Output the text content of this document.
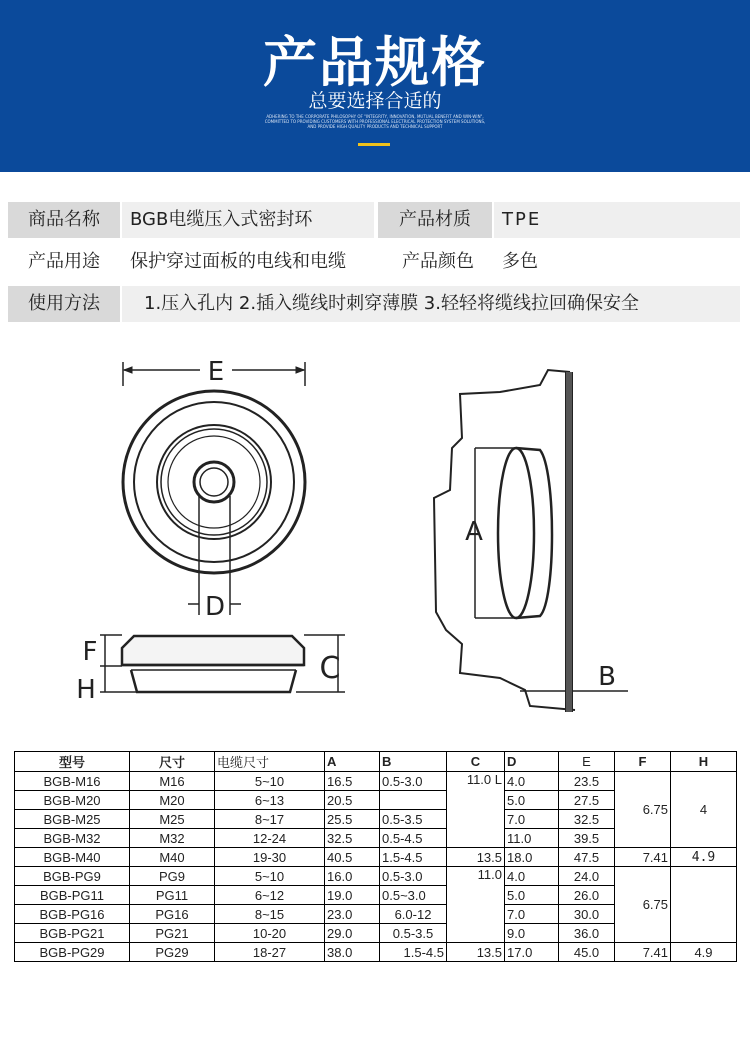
产品规格
总要选择合适的
ADHERING TO THE CORPORATE PHILOSOPHY OF "INTEGRITY, INNOVATION, MUTUAL BENEFIT AND WIN-WIN",
COMMITTED TO PROVIDING CUSTOMERS WITH PROFESSIONAL ELECTRICAL PROTECTION SYSTEM SOLUTIONS,
AND PROVIDE HIGH QUALITY PRODUCTS AND TECHNICAL SUPPORT
商品名称	BGB电缆压入式密封环	产品材质	TPE
产品用途	保护穿过面板的电线和电缆	产品颜色	多色
使用方法	1.压入孔内 2.插入缆线时刺穿薄膜 3.轻轻将缆线拉回确保安全
E
D
F
H
C
A
B
型号	尺寸	电缆尺寸	A	B	C	D	E	F	H
BGB-M16	M16	5~10	16.5	0.5-3.0	11.0 L	4.0	23.5	6.75	4
BGB-M20	M20	6~13	20.5			5.0	27.5		
BGB-M25	M25	8~17	25.5	0.5-3.5		7.0	32.5		
BGB-M32	M32	12-24	32.5	0.5-4.5		11.0	39.5		
BGB-M40	M40	19-30	40.5	1.5-4.5	13.5	18.0	47.5	7.41	4.9
BGB-PG9	PG9	5~10	16.0	0.5-3.0	11.0	4.0	24.0	6.75	
BGB-PG11	PG11	6~12	19.0	0.5~3.0		5.0	26.0		
BGB-PG16	PG16	8~15	23.0	6.0-12		7.0	30.0		
BGB-PG21	PG21	10-20	29.0	0.5-3.5		9.0	36.0		
BGB-PG29	PG29	18-27	38.0	1.5-4.5	13.5	17.0	45.0	7.41	4.9
